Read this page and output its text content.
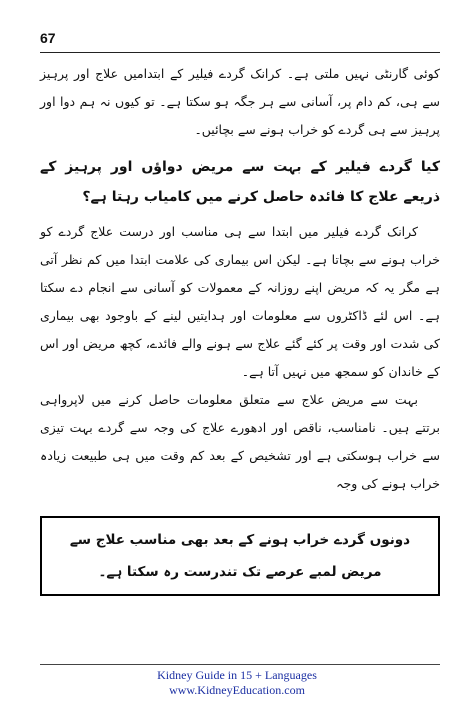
67

کوئی گارنٹی نہیں ملتی ہے۔ کرانک گردے فیلیر کے ابتدامیں علاج اور پرہیز سے ہی، کم دام پر، آسانی سے ہر جگہ ہو سکتا ہے۔ تو کیوں نہ ہم دوا اور پرہیز سے ہی گردے کو خراب ہونے سے بچائیں۔

کیا گردے فیلیر کے بہت سے مریض دواؤں اور پرہیز کے ذریعے علاج کا فائدہ حاصل کرنے میں کامیاب رہتا ہے؟

کرانک گردے فیلیر میں ابتدا سے ہی مناسب اور درست علاج گردے کو خراب ہونے سے بچاتا ہے۔ لیکن اس بیماری کی علامت ابتدا میں کم نظر آتی ہے مگر یہ کہ مریض اپنے روزانہ کے معمولات کو آسانی سے انجام دے سکتا ہے۔ اس لئے ڈاکٹروں سے معلومات اور ہدایتیں لینے کے باوجود بھی بیماری کی شدت اور وقت پر کئے گئے علاج سے ہونے والے فائدے، کچھ مریض اور اس کے خاندان کو سمجھ میں نہیں آتا ہے۔

بہت سے مریض علاج سے متعلق معلومات حاصل کرنے میں لاپرواہی برتتے ہیں۔ نامناسب، ناقص اور ادھورے علاج کی وجہ سے گردے بہت تیزی سے خراب ہوسکتی ہے اور تشخیص کے بعد کم وقت میں ہی طبیعت زیادہ خراب ہونے کی وجہ

دونوں گردے خراب ہونے کے بعد بھی مناسب علاج سے مریض لمبے عرصے تک تندرست رہ سکتا ہے۔
Kidney Guide in 15 + Languages
www.KidneyEducation.com
